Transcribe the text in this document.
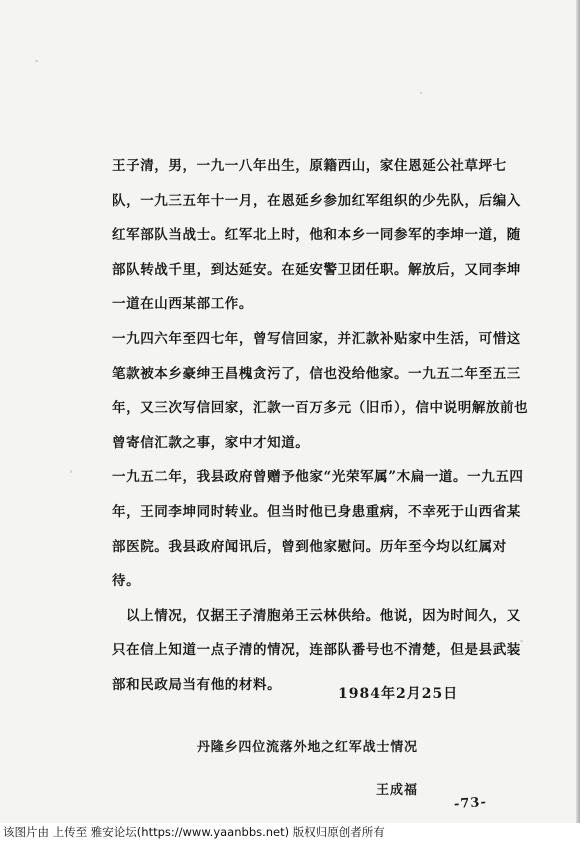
王子清，男，一九一八年出生，原籍西山，家住恩延公社草坪七队，一九三五年十一月，在恩延乡参加红军组织的少先队，后编入红军部队当战士。红军北上时，他和本乡一同参军的李坤一道，随部队转战千里，到达延安。在延安警卫团任职。解放后，又同李坤一道在山西某部工作。

一九四六年至四七年，曾写信回家，并汇款补贴家中生活，可惜这笔款被本乡豪绅王昌槐贪污了，信也没给他家。一九五二年至五三年，又三次写信回家，汇款一百万多元（旧币），信中说明解放前也曾寄信汇款之事，家中才知道。

一九五二年，我县政府曾赠予他家“光荣军属”木扁一道。一九五四年，王同李坤同时转业。但当时他已身患重病，不幸死于山西省某部医院。我县政府闻讯后，曾到他家慰问。历年至今均以红属对待。

以上情况，仅据王子清胞弟王云林供给。他说，因为时间久，又只在信上知道一点子清的情况，连部队番号也不清楚，但是县武装部和民政局当有他的材料。

1984年2月25日
丹隆乡四位流落外地之红军战士情况
王成福
-73-
该图片由 上传至 雅安论坛(https://www.yaanbbs.net) 版权归原创者所有
